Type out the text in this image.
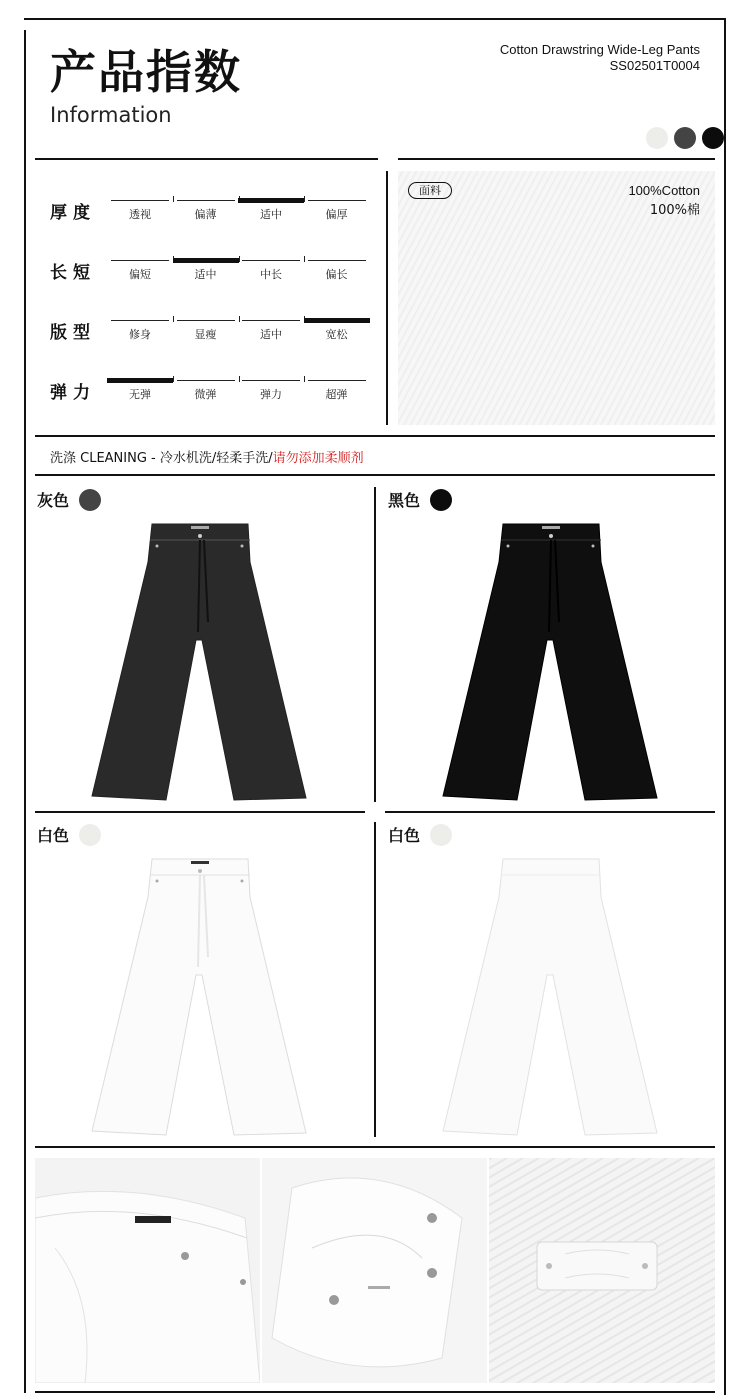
产品指数
Information
Cotton Drawstring Wide-Leg Pants
SS02501T0004
厚度	透视	偏薄	适中	偏厚
长短	偏短	适中	中长	偏长
版型	修身	显瘦	适中	宽松
弹力	无弹	微弹	弹力	超弹
面料	100%Cotton
100%棉
洗涤 CLEANING - 冷水机洗/轻柔手洗/请勿添加柔顺剂
灰色	黑色
白色	白色
